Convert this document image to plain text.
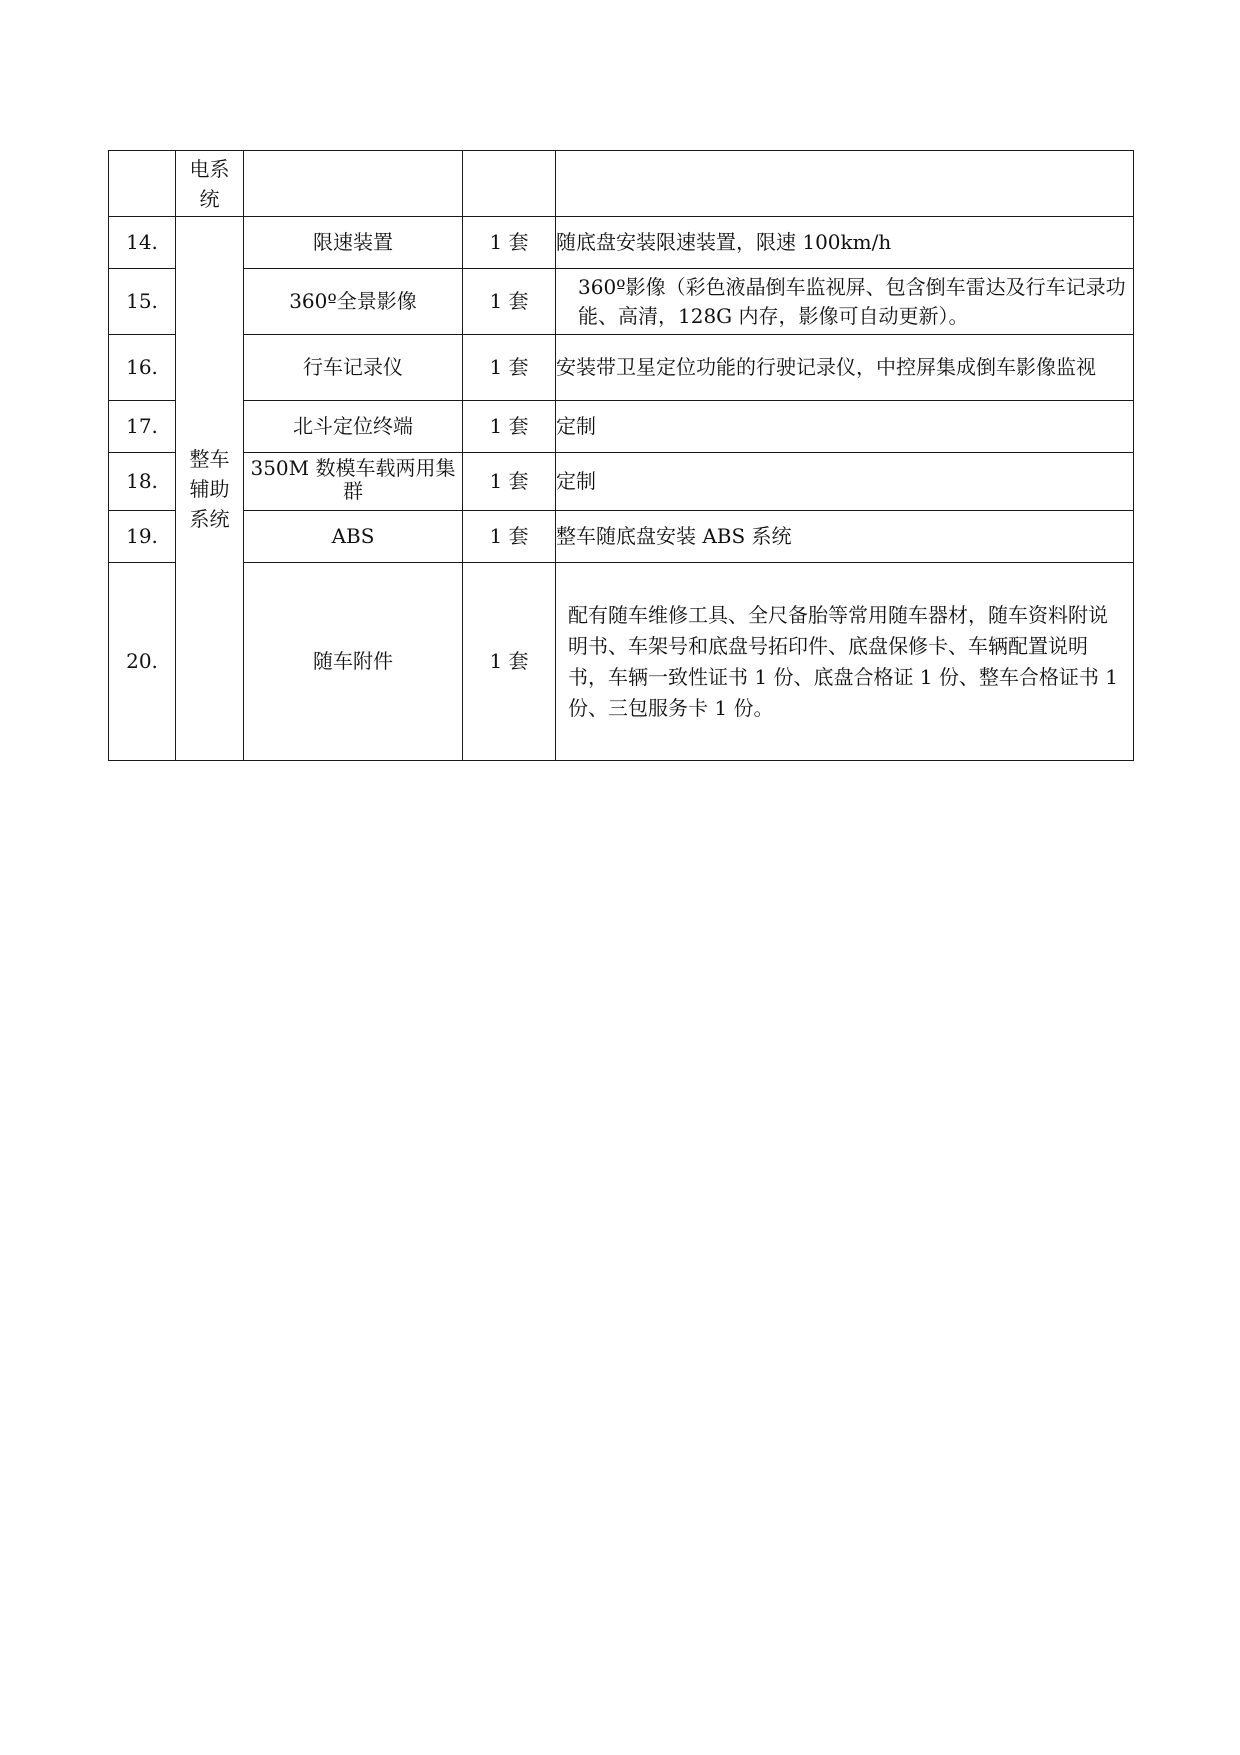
	电系统			
14.	整车辅助系统	限速装置	1 套	随底盘安装限速装置，限速 100km/h
15.		360º全景影像	1 套	360º影像（彩色液晶倒车监视屏、包含倒车雷达及行车记录功能、高清，128G 内存，影像可自动更新）。
16.		行车记录仪	1 套	安装带卫星定位功能的行驶记录仪，中控屏集成倒车影像监视
17.		北斗定位终端	1 套	定制
18.		350M 数模车载两用集群	1 套	定制
19.		ABS	1 套	整车随底盘安装 ABS 系统
20.		随车附件	1 套	配有随车维修工具、全尺备胎等常用随车器材，随车资料附说明书、车架号和底盘号拓印件、底盘保修卡、车辆配置说明书，车辆一致性证书 1 份、底盘合格证 1 份、整车合格证书 1 份、三包服务卡 1 份。
